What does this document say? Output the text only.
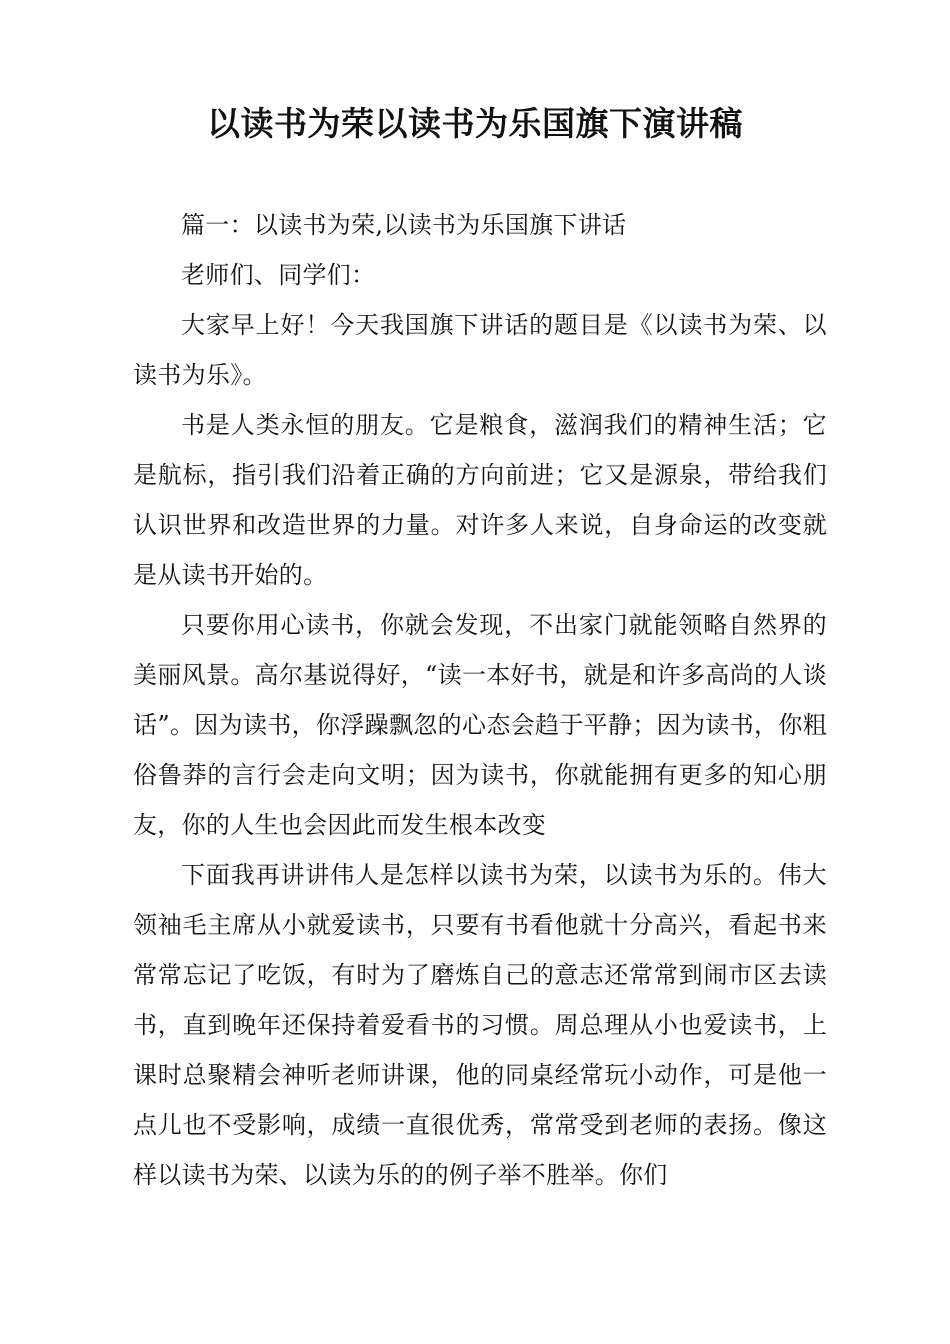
以读书为荣以读书为乐国旗下演讲稿

篇一：以读书为荣,以读书为乐国旗下讲话

老师们、同学们：

大家早上好！今天我国旗下讲话的题目是《以读书为荣、以读书为乐》。

书是人类永恒的朋友。它是粮食，滋润我们的精神生活；它是航标，指引我们沿着正确的方向前进；它又是源泉，带给我们认识世界和改造世界的力量。对许多人来说，自身命运的改变就是从读书开始的。

只要你用心读书，你就会发现，不出家门就能领略自然界的美丽风景。高尔基说得好，“读一本好书，就是和许多高尚的人谈话”。因为读书，你浮躁飘忽的心态会趋于平静；因为读书，你粗俗鲁莽的言行会走向文明；因为读书，你就能拥有更多的知心朋友，你的人生也会因此而发生根本改变

下面我再讲讲伟人是怎样以读书为荣，以读书为乐的。伟大领袖毛主席从小就爱读书，只要有书看他就十分高兴，看起书来常常忘记了吃饭，有时为了磨炼自己的意志还常常到闹市区去读书，直到晚年还保持着爱看书的习惯。周总理从小也爱读书，上课时总聚精会神听老师讲课，他的同桌经常玩小动作，可是他一点儿也不受影响，成绩一直很优秀，常常受到老师的表扬。像这样以读书为荣、以读为乐的的例子举不胜举。你们
